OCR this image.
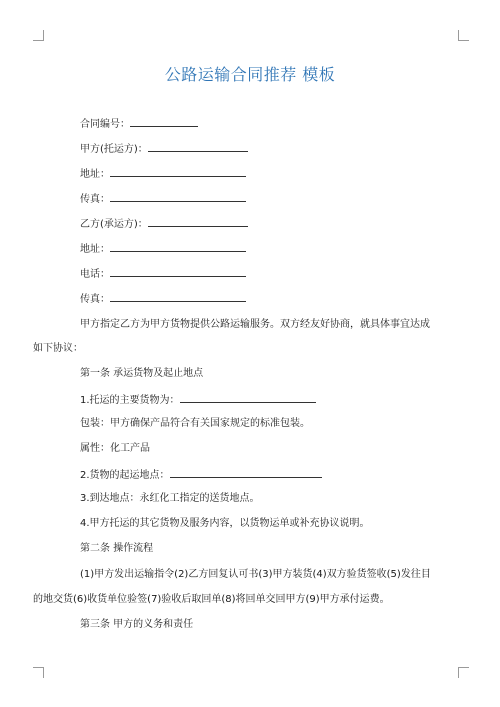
公路运输合同推荐 模板
合同编号：
甲方(托运方)：
地址：
传真：
乙方(承运方)：
地址：
电话：
传真：
甲方指定乙方为甲方货物提供公路运输服务。双方经友好协商，就具体事宜达成
如下协议：
第一条 承运货物及起止地点
1.托运的主要货物为：
包装：甲方确保产品符合有关国家规定的标准包装。
属性：化工产品
2.货物的起运地点：
3.到达地点：永红化工指定的送货地点。
4.甲方托运的其它货物及服务内容，以货物运单或补充协议说明。
第二条 操作流程
(1)甲方发出运输指令(2)乙方回复认可书(3)甲方装货(4)双方验货签收(5)发往目
的地交货(6)收货单位验签(7)验收后取回单(8)将回单交回甲方(9)甲方承付运费。
第三条 甲方的义务和责任
